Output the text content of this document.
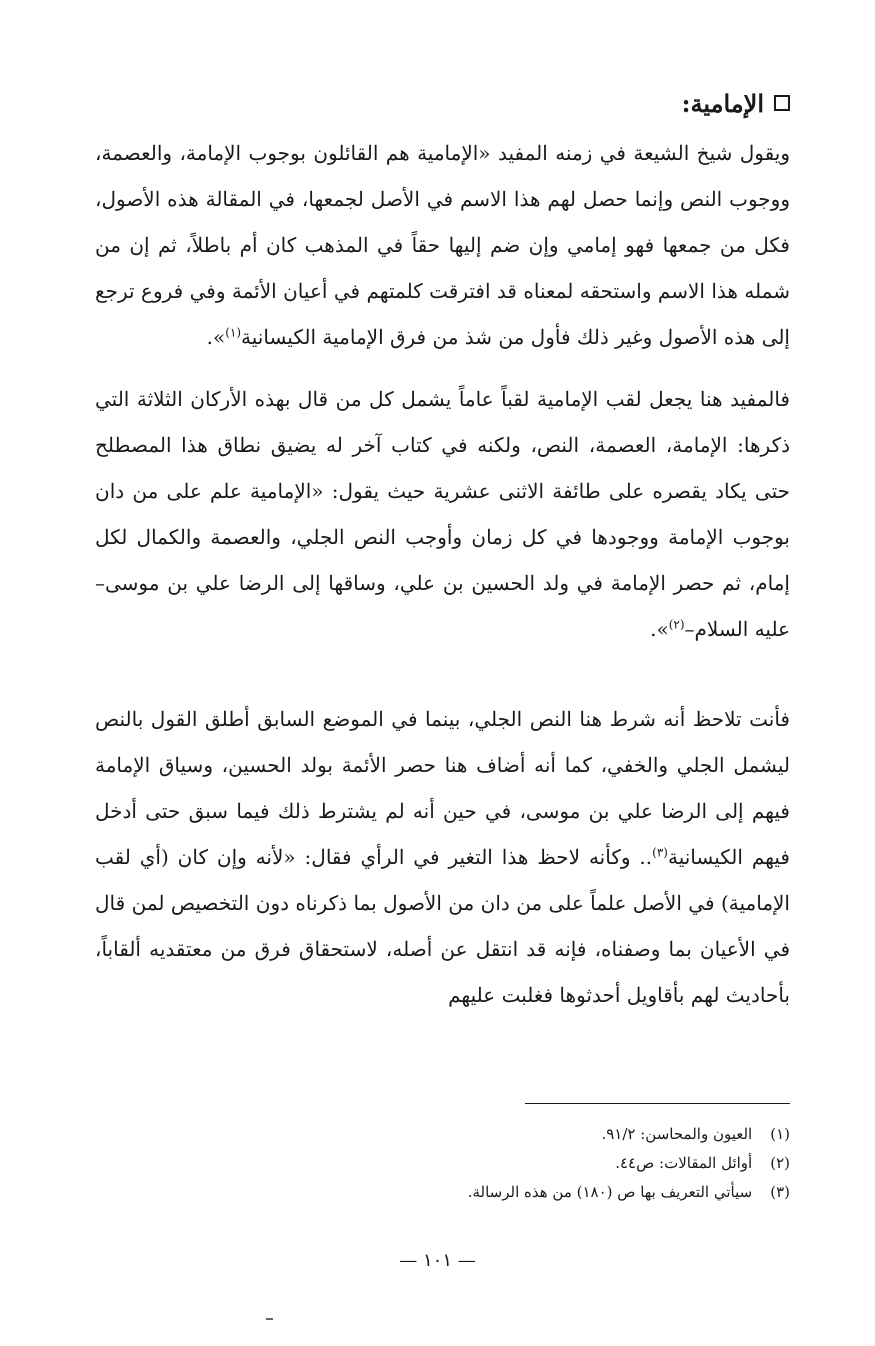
الإمامية:

ويقول شيخ الشيعة في زمنه المفيد «الإمامية هم القائلون بوجوب الإمامة، والعصمة، ووجوب النص وإنما حصل لهم هذا الاسم في الأصل لجمعها، في المقالة هذه الأصول، فكل من جمعها فهو إمامي وإن ضم إليها حقاً في المذهب كان أم باطلاً، ثم إن من شمله هذا الاسم واستحقه لمعناه قد افترقت كلمتهم في أعيان الأئمة وفي فروع ترجع إلى هذه الأصول وغير ذلك فأول من شذ من فرق الإمامية الكيسانية$^{(١)}$».

فالمفيد هنا يجعل لقب الإمامية لقباً عاماً يشمل كل من قال بهذه الأركان الثلاثة التي ذكرها: الإمامة، العصمة، النص، ولكنه في كتاب آخر له يضيق نطاق هذا المصطلح حتى يكاد يقصره على طائفة الاثنى عشرية حيث يقول: «الإمامية علم على من دان بوجوب الإمامة ووجودها في كل زمان وأوجب النص الجلي، والعصمة والكمال لكل إمام، ثم حصر الإمامة في ولد الحسين بن علي، وساقها إلى الرضا علي بن موسى– عليه السلام–$^{(٢)}$».

فأنت تلاحظ أنه شرط هنا النص الجلي، بينما في الموضع السابق أطلق القول بالنص ليشمل الجلي والخفي، كما أنه أضاف هنا حصر الأئمة بولد الحسين، وسياق الإمامة فيهم إلى الرضا علي بن موسى، في حين أنه لم يشترط ذلك فيما سبق حتى أدخل فيهم الكيسانية$^{(٣)}$.. وكأنه لاحظ هذا التغير في الرأي فقال: «لأنه وإن كان (أي لقب الإمامية) في الأصل علماً على من دان من الأصول بما ذكرناه دون التخصيص لمن قال في الأعيان بما وصفناه، فإنه قد انتقل عن أصله، لاستحقاق فرق من معتقديه ألقاباً، بأحاديث لهم بأقاويل أحدثوها فغلبت عليهم

(١)
العيون والمحاسن: ٩١/٢.
(٢)
أوائل المقالات: ص٤٤.
(٣)
سيأتي التعريف بها ص (١٨٠) من هذه الرسالة.
— ١٠١ —
